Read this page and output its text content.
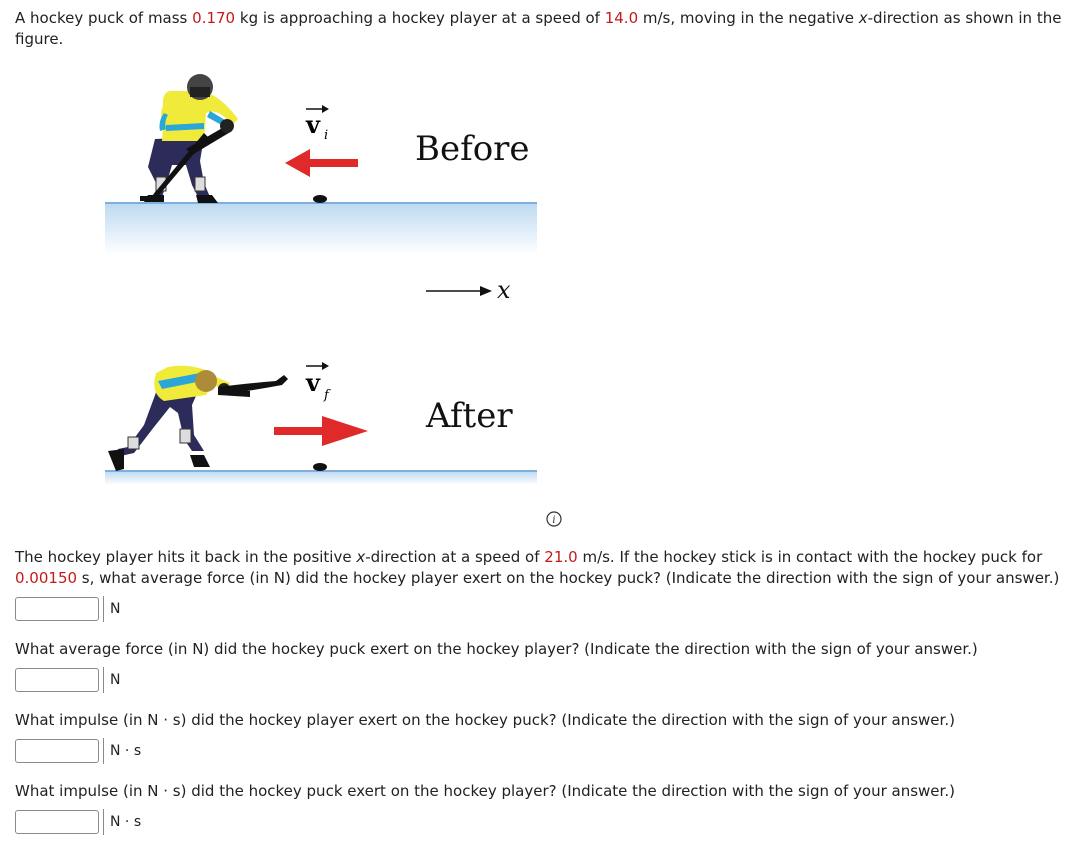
A hockey puck of mass 0.170 kg is approaching a hockey player at a speed of 14.0 m/s, moving in the negative x-direction as shown in the figure.

v i	Before
x
v f
After
i

The hockey player hits it back in the positive x-direction at a speed of 21.0 m/s. If the hockey stick is in contact with the hockey puck for 0.00150 s, what average force (in N) did the hockey player exert on the hockey puck? (Indicate the direction with the sign of your answer.)

N

What average force (in N) did the hockey puck exert on the hockey player? (Indicate the direction with the sign of your answer.)

N

What impulse (in N · s) did the hockey player exert on the hockey puck? (Indicate the direction with the sign of your answer.)

N · s

What impulse (in N · s) did the hockey puck exert on the hockey player? (Indicate the direction with the sign of your answer.)

N · s
